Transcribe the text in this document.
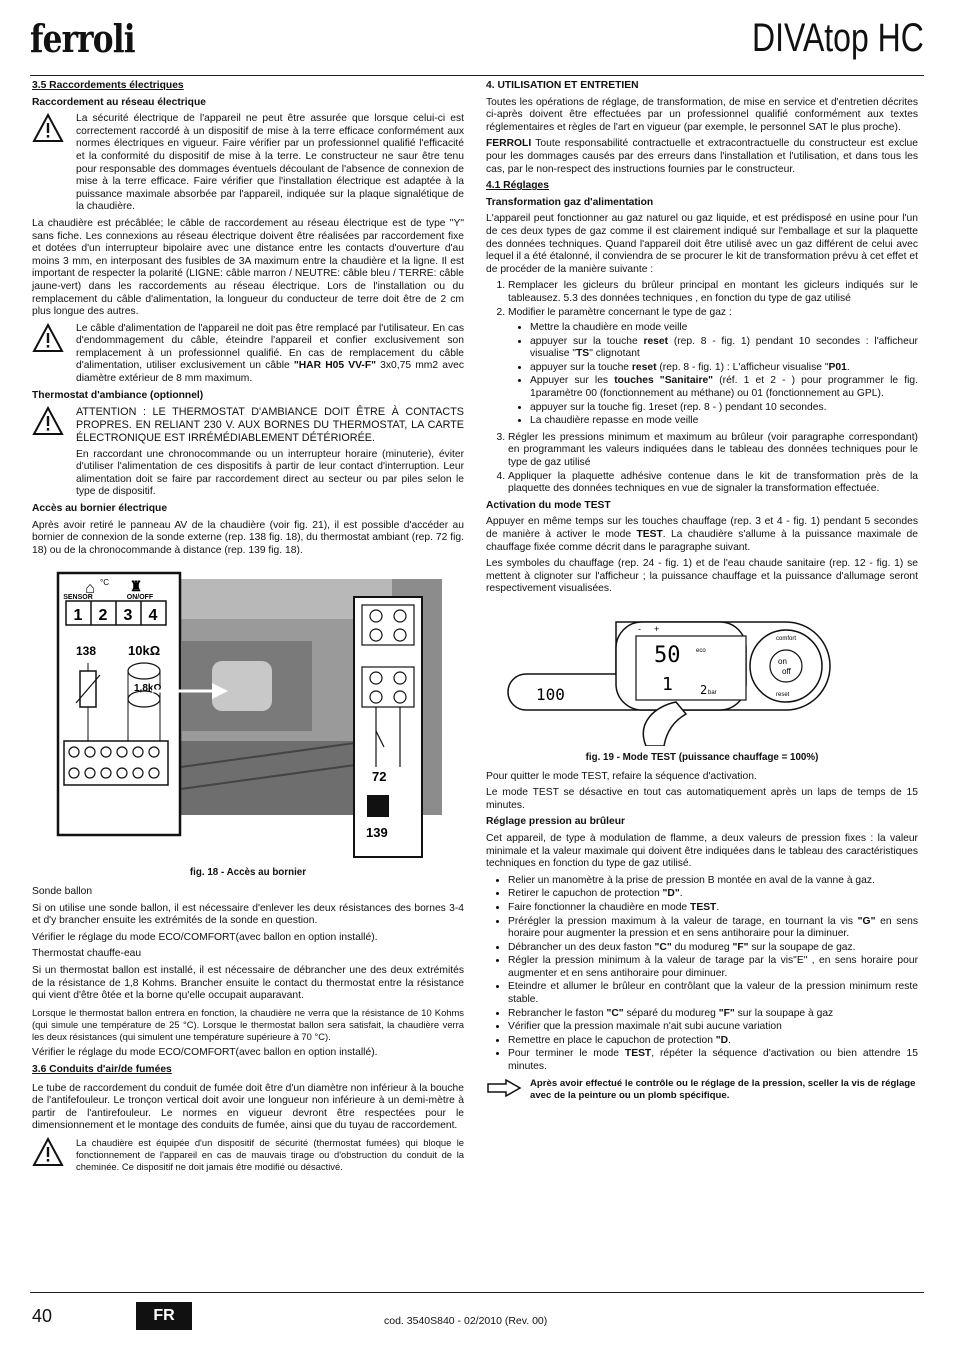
ferroli	DIVAtop HC
3.5 Raccordements électriques
Raccordement au réseau électrique
La sécurité électrique de l'appareil ne peut être assurée que lorsque celui-ci est correctement raccordé à un dispositif de mise à la terre efficace conformément aux normes électriques en vigueur. Faire vérifier par un professionnel qualifié l'efficacité et la conformité du dispositif de mise à la terre. Le constructeur ne saur être tenu pour responsable des dommages éventuels découlant de l'absence de connexion de mise à la terre efficace. Faire vérifier que l'installation électrique est adaptée à la puissance maximale absorbée par l'appareil, indiquée sur la plaque signalétique de la chaudière.

La chaudière est précâblée; le câble de raccordement au réseau électrique est de type "Y" sans fiche. Les connexions au réseau électrique doivent être réalisées par raccordement fixe et dotées d'un interrupteur bipolaire avec une distance entre les contacts d'ouverture d'au moins 3 mm, en interposant des fusibles de 3A maximum entre la chaudière et la ligne. Il est important de respecter la polarité (LIGNE: câble marron / NEUTRE: câble bleu / TERRE: câble jaune-vert) dans les raccordements au réseau électrique. Lors de l'installation ou du remplacement du câble d'alimentation, la longueur du conducteur de terre doit être de 2 cm plus longue des autres.

Le câble d'alimentation de l'appareil ne doit pas être remplacé par l'utilisateur. En cas d'endommagement du câble, éteindre l'appareil et confier exclusivement son remplacement à un professionnel qualifié. En cas de remplacement du câble d'alimentation, utiliser exclusivement un câble "HAR H05 VV-F" 3x0,75 mm2 avec diamètre extérieur de 8 mm maximum.
Thermostat d'ambiance (optionnel)
ATTENTION : LE THERMOSTAT D'AMBIANCE DOIT ÊTRE À CONTACTS PROPRES. EN RELIANT 230 V. AUX BORNES DU THERMOSTAT, LA CARTE ÉLECTRONIQUE EST IRRÉMÉDIABLEMENT DÉTÉRIORÉE.

En raccordant une chronocommande ou un interrupteur horaire (minuterie), éviter d'utiliser l'alimentation de ces dispositifs à partir de leur contact d'interruption. Leur alimentation doit se faire par raccordement direct au secteur ou par piles selon le type de dispositif.

Accès au bornier électrique

Après avoir retiré le panneau AV de la chaudière (voir fig. 21), il est possible d'accéder au bornier de connexion de la sonde externe (rep. 138 fig. 18), du thermostat ambiant (rep. 72 fig. 18) ou de la chronocommande à distance (rep. 139 fig. 18).

⌂ °C ♜
SENSOR	ON/OFF
1 2 3 4
138 10kΩ
1,8kΩ
72
139
fig. 18 - Accès au bornier

Sonde ballon

Si on utilise une sonde ballon, il est nécessaire d'enlever les deux résistances des bornes 3-4 et d'y brancher ensuite les extrémités de la sonde en question.

Vérifier le réglage du mode ECO/COMFORT(avec ballon en option installé).

Thermostat chauffe-eau

Si un thermostat ballon est installé, il est nécessaire de débrancher une des deux extrémités de la résistance de 1,8 Kohms. Brancher ensuite le contact du thermostat entre la résistance qui vient d'être ôtée et la borne qu'elle occupait auparavant.

Lorsque le thermostat ballon entrera en fonction, la chaudière ne verra que la résistance de 10 Kohms (qui simule une température de 25 °C). Lorsque le thermostat ballon sera satisfait, la chaudière verra les deux résistances (qui simulent une température supérieure à 70 °C).

Vérifier le réglage du mode ECO/COMFORT(avec ballon en option installé).

3.6 Conduits d'air/de fumées

Le tube de raccordement du conduit de fumée doit être d'un diamètre non inférieur à la bouche de l'antifefouleur. Le tronçon vertical doit avoir une longueur non inférieure à un demi-mètre à partir de l'antirefouleur. Le normes en vigueur devront être respectées pour le dimensionnement et le montage des conduits de fumée, ainsi que du tuyau de raccordement.

La chaudière est équipée d'un dispositif de sécurité (thermostat fumées) qui bloque le fonctionnement de l'appareil en cas de mauvais tirage ou d'obstruction du conduit de la cheminée. Ce dispositif ne doit jamais être modifié ou désactivé.
4. UTILISATION ET ENTRETIEN

Toutes les opérations de réglage, de transformation, de mise en service et d'entretien décrites ci-après doivent être effectuées par un professionnel qualifié conformément aux textes réglementaires et règles de l'art en vigueur (par exemple, le personnel SAT le plus proche).

FERROLI Toute responsabilité contractuelle et extracontractuelle du constructeur est exclue pour les dommages causés par des erreurs dans l'installation et l'utilisation, et dans tous les cas, par le non-respect des instructions fournies par le constructeur.

4.1 Réglages
Transformation gaz d'alimentation

L'appareil peut fonctionner au gaz naturel ou gaz liquide, et est prédisposé en usine pour l'un de ces deux types de gaz comme il est clairement indiqué sur l'emballage et sur la plaquette des données techniques. Quand l'appareil doit être utilisé avec un gaz différent de celui avec lequel il a été étalonné, il conviendra de se procurer le kit de transformation prévu à cet effet et de procéder de la manière suivante :

1. Remplacer les gicleurs du brûleur principal en montant les gicleurs indiqués sur le tableausez. 5.3 des données techniques , en fonction du type de gaz utilisé
2. Modifier le paramètre concernant le type de gaz :
• Mettre la chaudière en mode veille
• appuyer sur la touche reset (rep. 8 - fig. 1) pendant 10 secondes : l'afficheur visualise "TS" clignotant
• appuyer sur la touche reset (rep. 8 - fig. 1) : L'afficheur visualise "P01.
• Appuyer sur les touches "Sanitaire" (réf. 1 et 2 - ) pour programmer le fig. 1paramètre 00 (fonctionnement au méthane) ou 01 (fonctionnement au GPL).
• appuyer sur la touche fig. 1reset (rep. 8 - ) pendant 10 secondes.
• La chaudière repasse en mode veille
3. Régler les pressions minimum et maximum au brûleur (voir paragraphe correspondant) en programmant les valeurs indiquées dans le tableau des données techniques pour le type de gaz utilisé
4. Appliquer la plaquette adhésive contenue dans le kit de transformation près de la plaquette des données techniques en vue de signaler la transformation effectuée.
Activation du mode TEST

Appuyer en même temps sur les touches chauffage (rep. 3 et 4 - fig. 1) pendant 5 secondes de manière à activer le mode TEST. La chaudière s'allume à la puissance maximale de chauffage fixée comme décrit dans le paragraphe suivant.

Les symboles du chauffage (rep. 24 - fig. 1) et de l'eau chaude sanitaire (rep. 12 - fig. 1) se mettent à clignoter sur l'afficheur ; la puissance chauffage et la puissance d'allumage seront respectivement visualisées.

50	eco
1 2 bar
100
+
-
on
off
comfort
reset
fig. 19 - Mode TEST (puissance chauffage = 100%)

Pour quitter le mode TEST, refaire la séquence d'activation.

Le mode TEST se désactive en tout cas automatiquement après un laps de temps de 15 minutes.

Réglage pression au brûleur

Cet appareil, de type à modulation de flamme, a deux valeurs de pression fixes : la valeur minimale et la valeur maximale qui doivent être indiquées dans le tableau des caractéristiques techniques en fonction du type de gaz utilisé.

• Relier un manomètre à la prise de pression B montée en aval de la vanne à gaz.
• Retirer le capuchon de protection "D".
• Faire fonctionner la chaudière en mode TEST.
• Prérégler la pression maximum à la valeur de tarage, en tournant la vis "G" en sens horaire pour augmenter la pression et en sens antihoraire pour la diminuer.
• Débrancher un des deux faston "C" du modureg "F" sur la soupape de gaz.
• Régler la pression minimum à la valeur de tarage par la vis"E" , en sens horaire pour augmenter et en sens antihoraire pour diminuer.
• Eteindre et allumer le brûleur en contrôlant que la valeur de la pression minimum reste stable.
• Rebrancher le faston "C" séparé du modureg "F" sur la soupape à gaz
• Vérifier que la pression maximale n'ait subi aucune variation
• Remettre en place le capuchon de protection "D.
• Pour terminer le mode TEST, répéter la séquence d'activation ou bien attendre 15 minutes.
Après avoir effectué le contrôle ou le réglage de la pression, sceller la vis de réglage avec de la peinture ou un plomb spécifique.
40	FR	cod. 3540S840 - 02/2010 (Rev. 00)
